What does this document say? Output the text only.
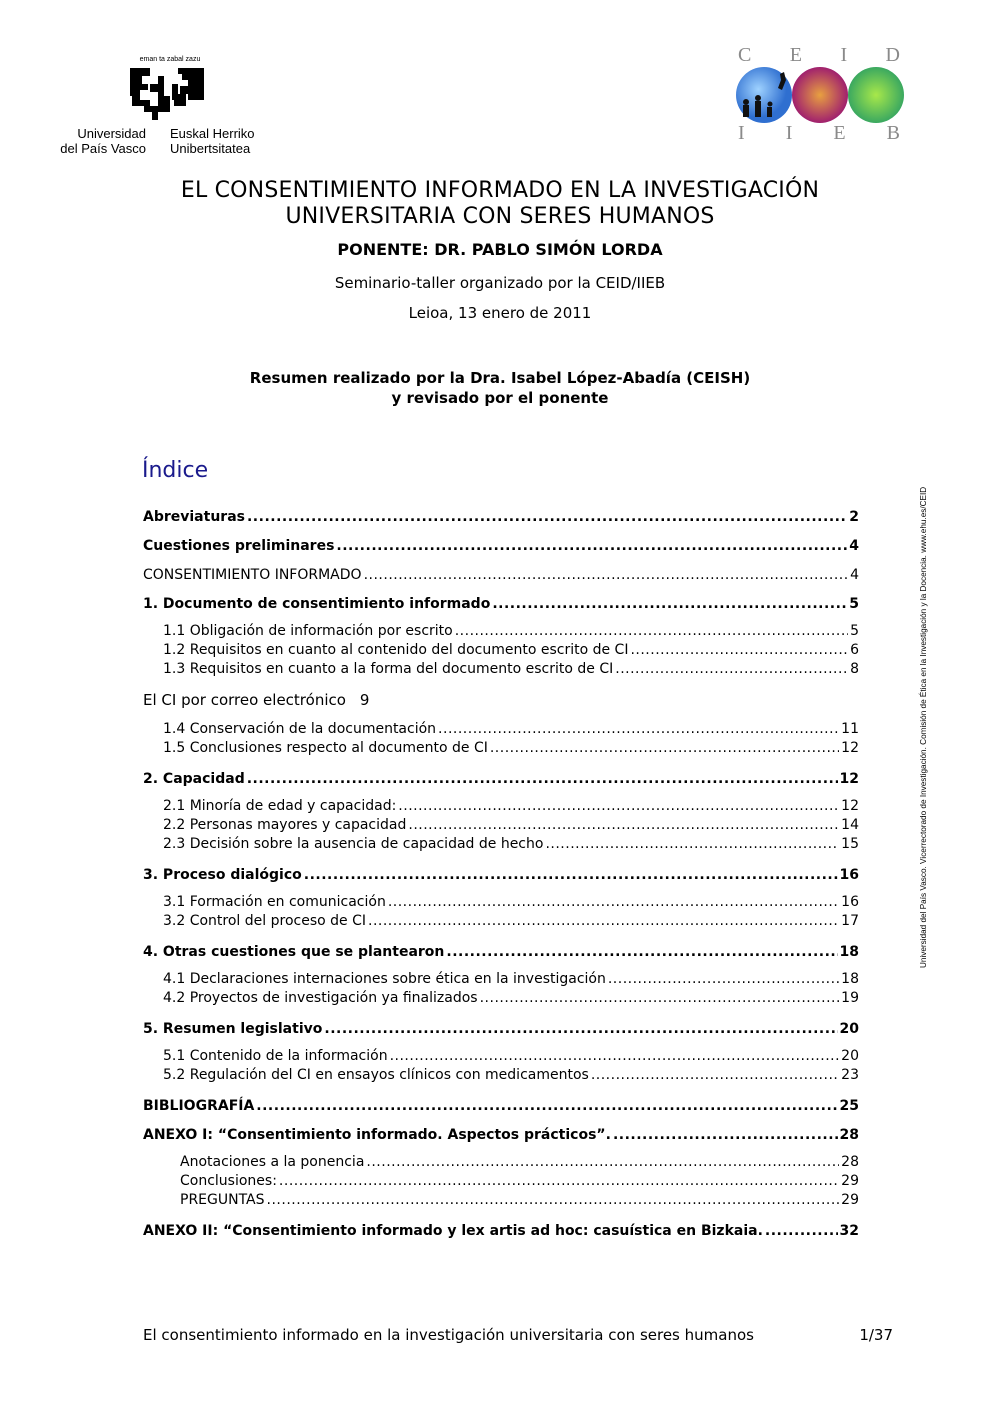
eman ta zabal zazu
Universidad
del País Vasco
Euskal Herriko
Unibertsitatea
C E I D
I I E B
EL CONSENTIMIENTO INFORMADO EN LA INVESTIGACIÓN
UNIVERSITARIA CON SERES HUMANOS
PONENTE: DR. PABLO SIMÓN LORDA
Seminario-taller organizado por la CEID/IIEB
Leioa, 13 enero de 2011
Resumen realizado por la Dra. Isabel López-Abadía (CEISH)
y revisado por el ponente
Universidad del País Vasco. Vicerrectorado de Investigación. Comisión de Ética en la Investigación y la Docencia. www.ehu.es/CEID
Índice
Abreviaturas .....	2
Cuestiones preliminares .....	4
CONSENTIMIENTO INFORMADO .....	4
1. Documento de consentimiento informado .....	5
1.1 Obligación de información por escrito .....	5
1.2 Requisitos en cuanto al contenido del documento escrito de CI .....	6
1.3 Requisitos en cuanto a la forma del documento escrito de CI .....	8
El CI por correo electrónico 9
1.4 Conservación de la documentación .....	11
1.5 Conclusiones respecto al documento de CI .....	12
2. Capacidad .....	12
2.1 Minoría de edad y capacidad: .....	12
2.2 Personas mayores y capacidad .....	14
2.3 Decisión sobre la ausencia de capacidad de hecho .....	15
3. Proceso dialógico .....	16
3.1 Formación en comunicación .....	16
3.2 Control del proceso de CI .....	17
4. Otras cuestiones que se plantearon .....	18
4.1 Declaraciones internaciones sobre ética en la investigación .....	18
4.2 Proyectos de investigación ya finalizados .....	19
5. Resumen legislativo .....	20
5.1 Contenido de la información .....	20
5.2 Regulación del CI en ensayos clínicos con medicamentos .....	23
BIBLIOGRAFÍA .....	25
ANEXO I: “Consentimiento informado. Aspectos prácticos”. .....	28
Anotaciones a la ponencia .....	28
Conclusiones: .....	29
PREGUNTAS .....	29
ANEXO II: “Consentimiento informado y lex artis ad hoc: casuística en Bizkaia. .....	32
El consentimiento informado en la investigación universitaria con seres humanos	1/37
